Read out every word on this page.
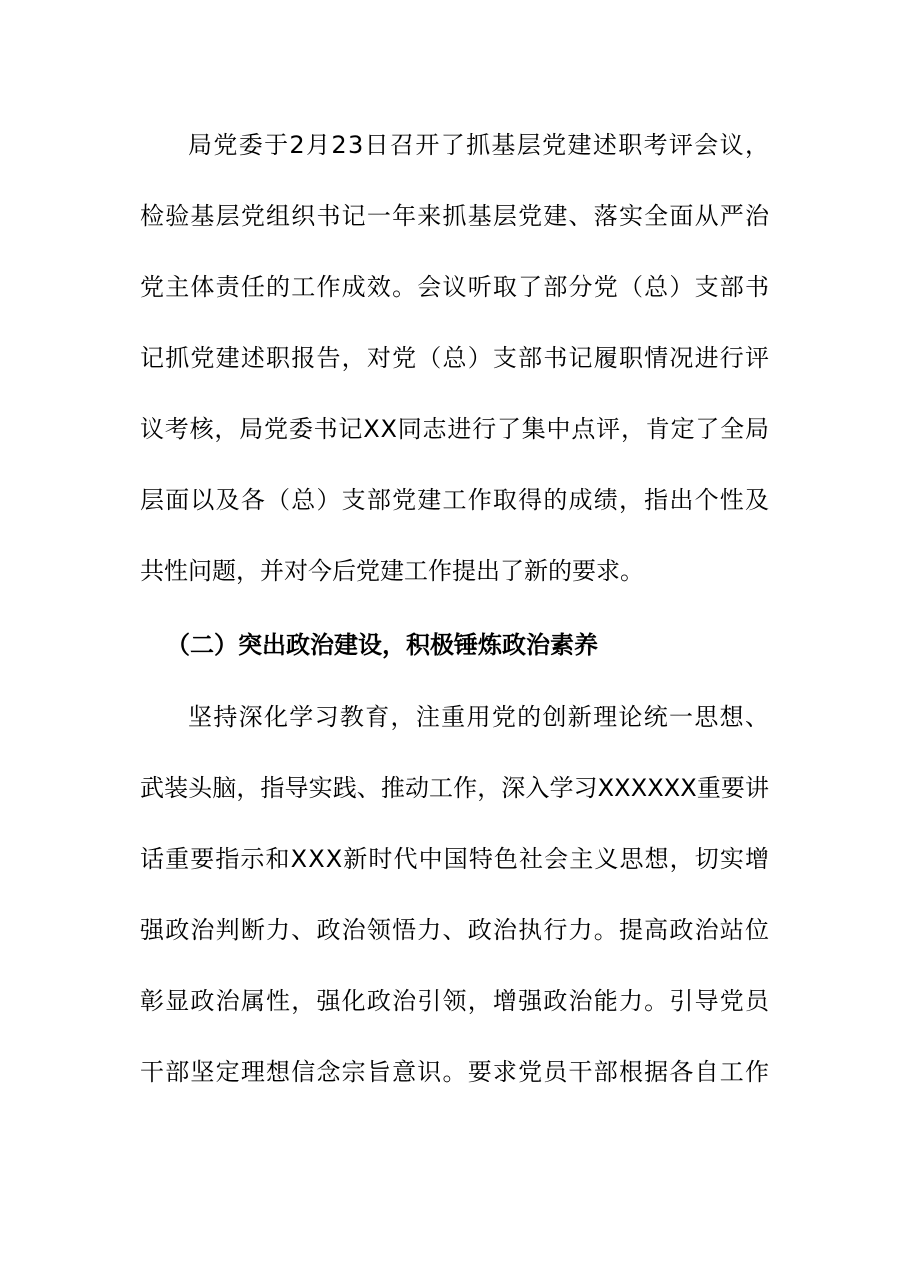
局党委于2月23日召开了抓基层党建述职考评会议，
检验基层党组织书记一年来抓基层党建、落实全面从严治
党主体责任的工作成效。会议听取了部分党（总）支部书
记抓党建述职报告，对党（总）支部书记履职情况进行评
议考核，局党委书记XX同志进行了集中点评，肯定了全局
层面以及各（总）支部党建工作取得的成绩，指出个性及
共性问题，并对今后党建工作提出了新的要求。
（二）突出政治建设，积极锤炼政治素养
坚持深化学习教育，注重用党的创新理论统一思想、
武装头脑，指导实践、推动工作，深入学习XXXXXX重要讲
话重要指示和XXX新时代中国特色社会主义思想，切实增
强政治判断力、政治领悟力、政治执行力。提高政治站位
彰显政治属性，强化政治引领，增强政治能力。引导党员
干部坚定理想信念宗旨意识。要求党员干部根据各自工作
